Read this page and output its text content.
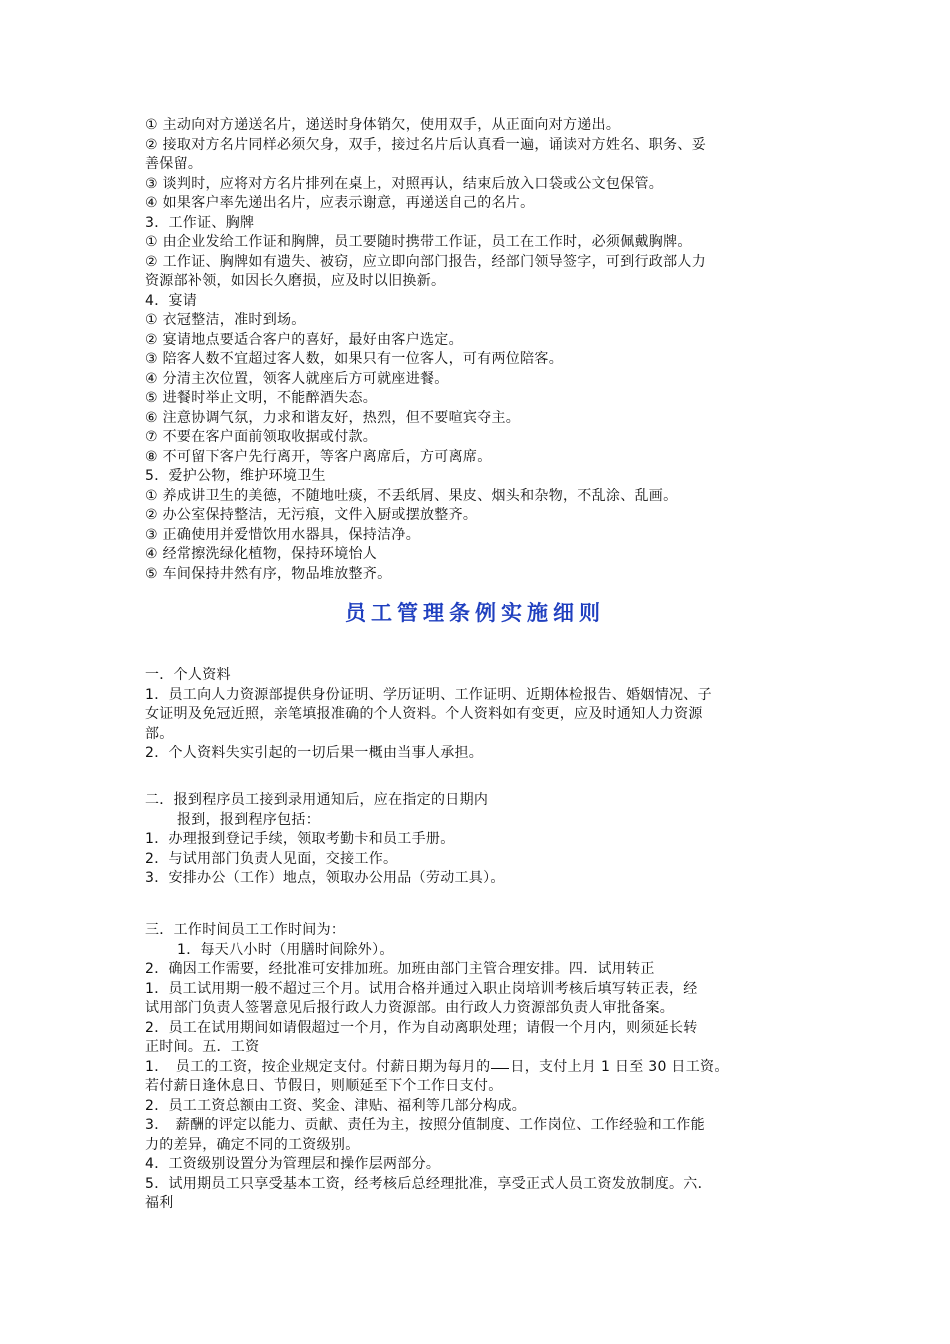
① 主动向对方递送名片，递送时身体销欠，使用双手，从正面向对方递出。
② 接取对方名片同样必须欠身，双手，接过名片后认真看一遍，诵读对方姓名、职务、妥
善保留。
③ 谈判时，应将对方名片排列在桌上，对照再认，结束后放入口袋或公文包保管。
④ 如果客户率先递出名片，应表示谢意，再递送自己的名片。
3．工作证、胸牌
① 由企业发给工作证和胸牌，员工要随时携带工作证，员工在工作时，必须佩戴胸牌。
② 工作证、胸牌如有遗失、被窃，应立即向部门报告，经部门领导签字，可到行政部人力
资源部补领，如因长久磨损，应及时以旧换新。
4．宴请
① 衣冠整洁，准时到场。
② 宴请地点要适合客户的喜好，最好由客户选定。
③ 陪客人数不宜超过客人数，如果只有一位客人，可有两位陪客。
④ 分清主次位置，领客人就座后方可就座进餐。
⑤ 进餐时举止文明，不能醉酒失态。
⑥ 注意协调气氛，力求和谐友好，热烈，但不要喧宾夺主。
⑦ 不要在客户面前领取收据或付款。
⑧ 不可留下客户先行离开，等客户离席后，方可离席。
5．爱护公物，维护环境卫生
① 养成讲卫生的美德，不随地吐痰，不丢纸屑、果皮、烟头和杂物，不乱涂、乱画。
② 办公室保持整洁，无污痕，文件入厨或摆放整齐。
③ 正确使用并爱惜饮用水器具，保持洁净。
④ 经常擦洗绿化植物，保持环境怡人
⑤ 车间保持井然有序，物品堆放整齐。
员工管理条例实施细则
一．个人资料
1．员工向人力资源部提供身份证明、学历证明、工作证明、近期体检报告、婚姻情况、子
女证明及免冠近照，亲笔填报准确的个人资料。个人资料如有变更，应及时通知人力资源
部。
2．个人资料失实引起的一切后果一概由当事人承担。
二．报到程序员工接到录用通知后，应在指定的日期内
报到，报到程序包括：
1．办理报到登记手续，领取考勤卡和员工手册。
2．与试用部门负责人见面，交接工作。
3．安排办公（工作）地点，领取办公用品（劳动工具）。
三．工作时间员工工作时间为：
1．每天八小时（用膳时间除外）。
2．确因工作需要，经批准可安排加班。加班由部门主管合理安排。四．试用转正
1．员工试用期一般不超过三个月。试用合格并通过入职止岗培训考核后填写转正表，经
试用部门负责人签署意见后报行政人力资源部。由行政人力资源部负责人审批备案。
2．员工在试用期间如请假超过一个月，作为自动离职处理；请假一个月内，则须延长转
正时间。五．工资
1．　员工的工资，按企业规定支付。付薪日期为每月的 日，支付上月 1 日至 30 日工资。
若付薪日逢休息日、节假日，则顺延至下个工作日支付。
2．员工工资总额由工资、奖金、津贴、福利等几部分构成。
3．　薪酬的评定以能力、贡献、责任为主，按照分值制度、工作岗位、工作经验和工作能
力的差异，确定不同的工资级别。
4．工资级别设置分为管理层和操作层两部分。
5．试用期员工只享受基本工资，经考核后总经理批准，享受正式人员工资发放制度。六．
福利
